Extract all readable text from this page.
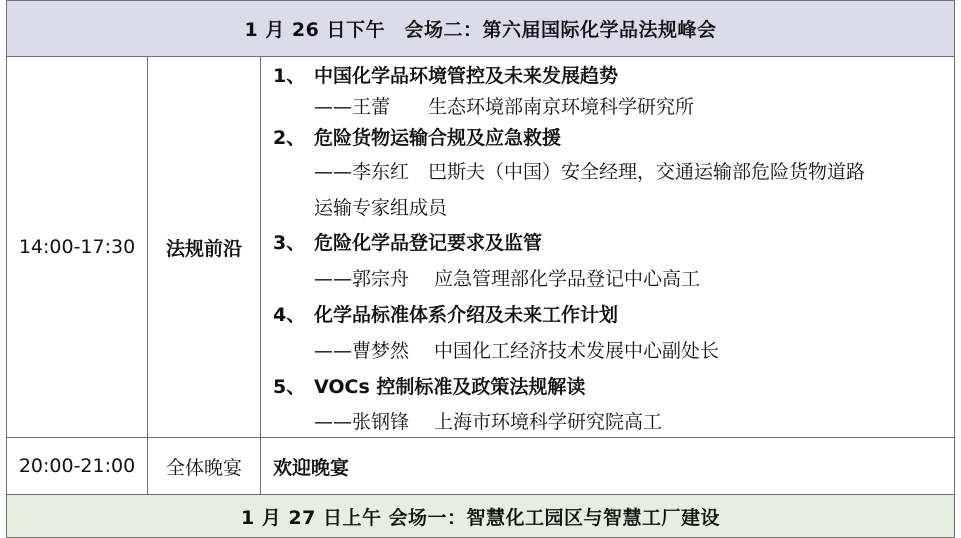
1 月 26 日下午　会场二：第六届国际化学品法规峰会
14:00-17:30	法规前沿
1、 中国化学品环境管控及未来发展趋势
——王蕾　　生态环境部南京环境科学研究所
2、 危险货物运输合规及应急救援
——李东红　巴斯夫（中国）安全经理，交通运输部危险货物道路
运输专家组成员
3、 危险化学品登记要求及监管
——郭宗舟　 应急管理部化学品登记中心高工
4、 化学品标准体系介绍及未来工作计划
——曹梦然　 中国化工经济技术发展中心副处长
5、 VOCs 控制标准及政策法规解读
——张钢锋　 上海市环境科学研究院高工
20:00-21:00	全体晚宴	欢迎晚宴
1 月 27 日上午 会场一：智慧化工园区与智慧工厂建设
